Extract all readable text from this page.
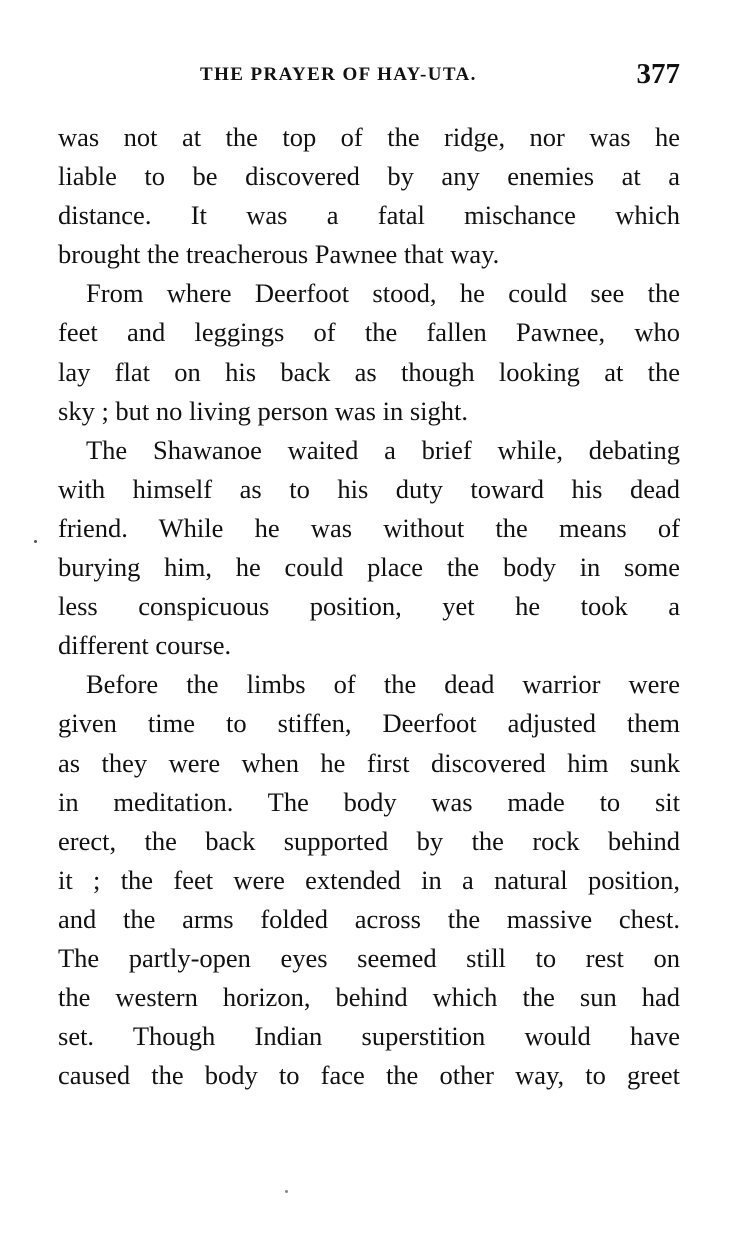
THE PRAYER OF HAY-UTA.	377
was not at the top of the ridge, nor was he
liable to be discovered by any enemies at a
distance. It was a fatal mischance which
brought the treacherous Pawnee that way.
From where Deerfoot stood, he could see the
feet and leggings of the fallen Pawnee, who
lay flat on his back as though looking at the
sky ; but no living person was in sight.
The Shawanoe waited a brief while, debating
with himself as to his duty toward his dead
friend. While he was without the means of
burying him, he could place the body in some
less conspicuous position, yet he took a
different course.
Before the limbs of the dead warrior were
given time to stiffen, Deerfoot adjusted them
as they were when he first discovered him sunk
in meditation. The body was made to sit
erect, the back supported by the rock behind
it ; the feet were extended in a natural position,
and the arms folded across the massive chest.
The partly-open eyes seemed still to rest on
the western horizon, behind which the sun had
set. Though Indian superstition would have
caused the body to face the other way, to greet
